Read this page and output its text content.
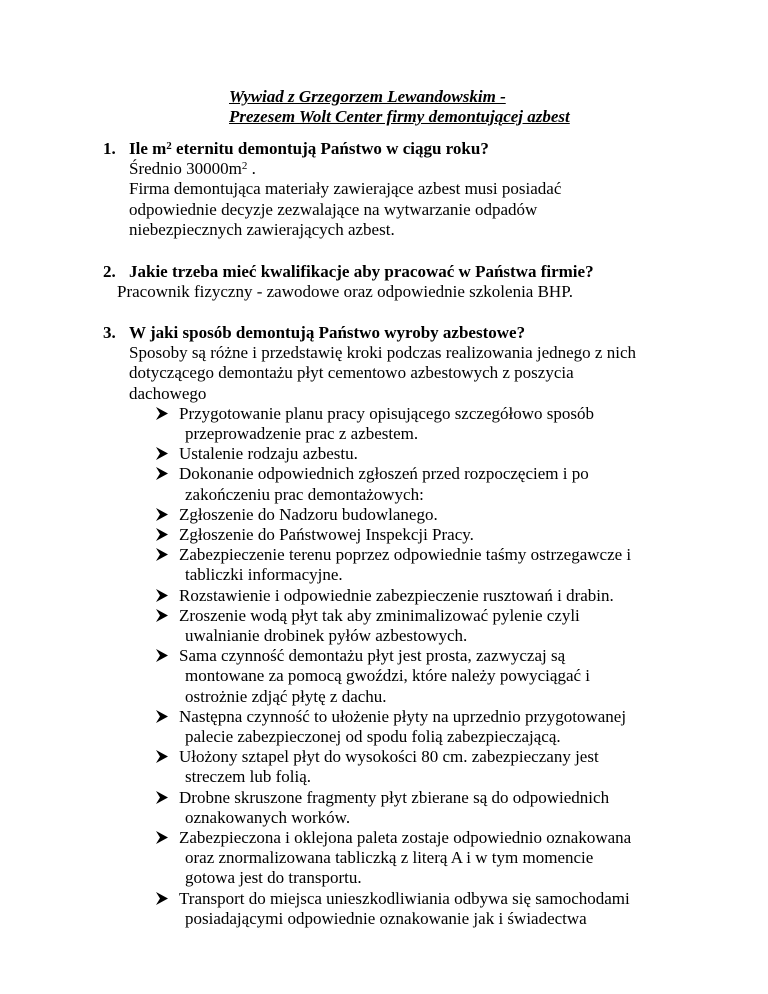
Wywiad z Grzegorzem Lewandowskim -
Prezesem Wolt Center firmy demontującej azbest
1. Ile $m^2$ eternitu demontują Państwo w ciągu roku?

Średnio $30000m^2$ .

Firma demontująca materiały zawierające azbest musi posiadać

odpowiednie decyzje zezwalające na wytwarzanie odpadów

niebezpiecznych zawierających azbest.

2. Jakie trzeba mieć kwalifikacje aby pracować w Państwa firmie?

Pracownik fizyczny - zawodowe oraz odpowiednie szkolenia BHP.

3. W jaki sposób demontują Państwo wyroby azbestowe?

Sposoby są różne i przedstawię kroki podczas realizowania jednego z nich

dotyczącego demontażu płyt cementowo azbestowych z poszycia

dachowego

Przygotowanie planu pracy opisującego szczegółowo sposób
przeprowadzenie prac z azbestem.
Ustalenie rodzaju azbestu.
Dokonanie odpowiednich zgłoszeń przed rozpoczęciem i po
zakończeniu prac demontażowych:
Zgłoszenie do Nadzoru budowlanego.
Zgłoszenie do Państwowej Inspekcji Pracy.
Zabezpieczenie terenu poprzez odpowiednie taśmy ostrzegawcze i
tabliczki informacyjne.
Rozstawienie i odpowiednie zabezpieczenie rusztowań i drabin.
Zroszenie wodą płyt tak aby zminimalizować pylenie czyli
uwalnianie drobinek pyłów azbestowych.
Sama czynność demontażu płyt jest prosta, zazwyczaj są
montowane za pomocą gwoździ, które należy powyciągać i
ostrożnie zdjąć płytę z dachu.
Następna czynność to ułożenie płyty na uprzednio przygotowanej
palecie zabezpieczonej od spodu folią zabezpieczającą.
Ułożony sztapel płyt do wysokości 80 cm. zabezpieczany jest
streczem lub folią.
Drobne skruszone fragmenty płyt zbierane są do odpowiednich
oznakowanych worków.
Zabezpieczona i oklejona paleta zostaje odpowiednio oznakowana
oraz znormalizowana tabliczką z literą A i w tym momencie
gotowa jest do transportu.
Transport do miejsca unieszkodliwiania odbywa się samochodami
posiadającymi odpowiednie oznakowanie jak i świadectwa
